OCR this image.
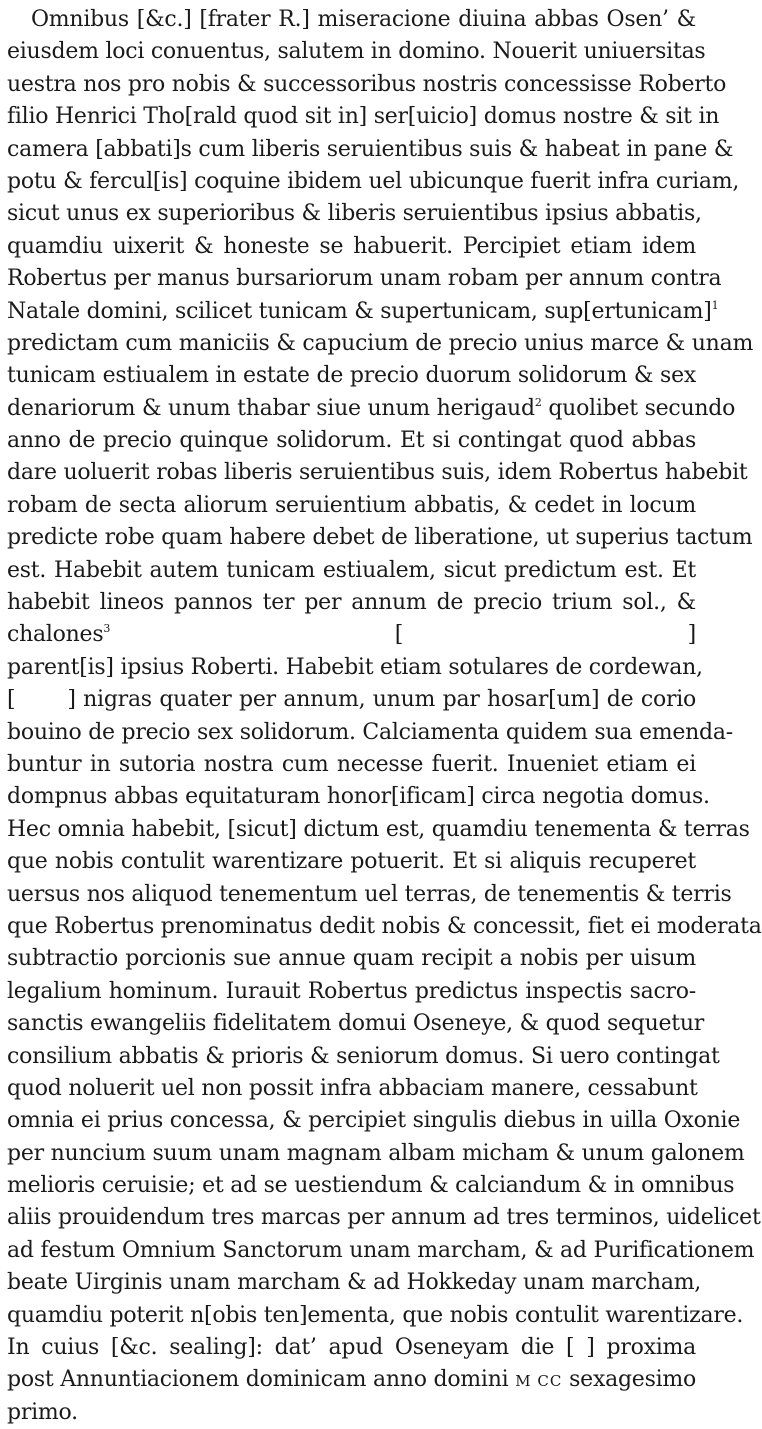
Omnibus [&c.] [frater R.] miseracione diuina abbas Osen’ &
eiusdem loci conuentus, salutem in domino. Nouerit uniuersitas
uestra nos pro nobis & successoribus nostris concessisse Roberto
filio Henrici Tho[rald quod sit in] ser[uicio] domus nostre & sit in
camera [abbati]s cum liberis seruientibus suis & habeat in pane &
potu & fercul[is] coquine ibidem uel ubicunque fuerit infra curiam,
sicut unus ex superioribus & liberis seruientibus ipsius abbatis,
quamdiu uixerit & honeste se habuerit. Percipiet etiam idem
Robertus per manus bursariorum unam robam per annum contra
Natale domini, scilicet tunicam & supertunicam, sup[ertunicam]$^1$
predictam cum maniciis & capucium de precio unius marce & unam
tunicam estiualem in estate de precio duorum solidorum & sex
denariorum & unum thabar siue unum herigaud$^2$ quolibet secundo
anno de precio quinque solidorum. Et si contingat quod abbas
dare uoluerit robas liberis seruientibus suis, idem Robertus habebit
robam de secta aliorum seruientium abbatis, & cedet in locum
predicte robe quam habere debet de liberatione, ut superius tactum
est. Habebit autem tunicam estiualem, sicut predictum est. Et
habebit lineos pannos ter per annum de precio trium sol., &
chalones$^3$	[	]
parent[is] ipsius Roberti. Habebit etiam sotulares de cordewan,
[ ] nigras quater per annum, unum par hosar[um] de corio
bouino de precio sex solidorum. Calciamenta quidem sua emenda-
buntur in sutoria nostra cum necesse fuerit. Inueniet etiam ei
dompnus abbas equitaturam honor[ificam] circa negotia domus.
Hec omnia habebit, [sicut] dictum est, quamdiu tenementa & terras
que nobis contulit warentizare potuerit. Et si aliquis recuperet
uersus nos aliquod tenementum uel terras, de tenementis & terris
que Robertus prenominatus dedit nobis & concessit, fiet ei moderata
subtractio porcionis sue annue quam recipit a nobis per uisum
legalium hominum. Iurauit Robertus predictus inspectis sacro-
sanctis ewangeliis fidelitatem domui Oseneye, & quod sequetur
consilium abbatis & prioris & seniorum domus. Si uero contingat
quod noluerit uel non possit infra abbaciam manere, cessabunt
omnia ei prius concessa, & percipiet singulis diebus in uilla Oxonie
per nuncium suum unam magnam albam micham & unum galonem
melioris ceruisie; et ad se uestiendum & calciandum & in omnibus
aliis prouidendum tres marcas per annum ad tres terminos, uidelicet
ad festum Omnium Sanctorum unam marcham, & ad Purificationem
beate Uirginis unam marcham & ad Hokkeday unam marcham,
quamdiu poterit n[obis ten]ementa, que nobis contulit warentizare.
In cuius [&c. sealing]: dat’ apud Oseneyam die [ ] proxima
post Annuntiacionem dominicam anno domini M CC sexagesimo
primo.
